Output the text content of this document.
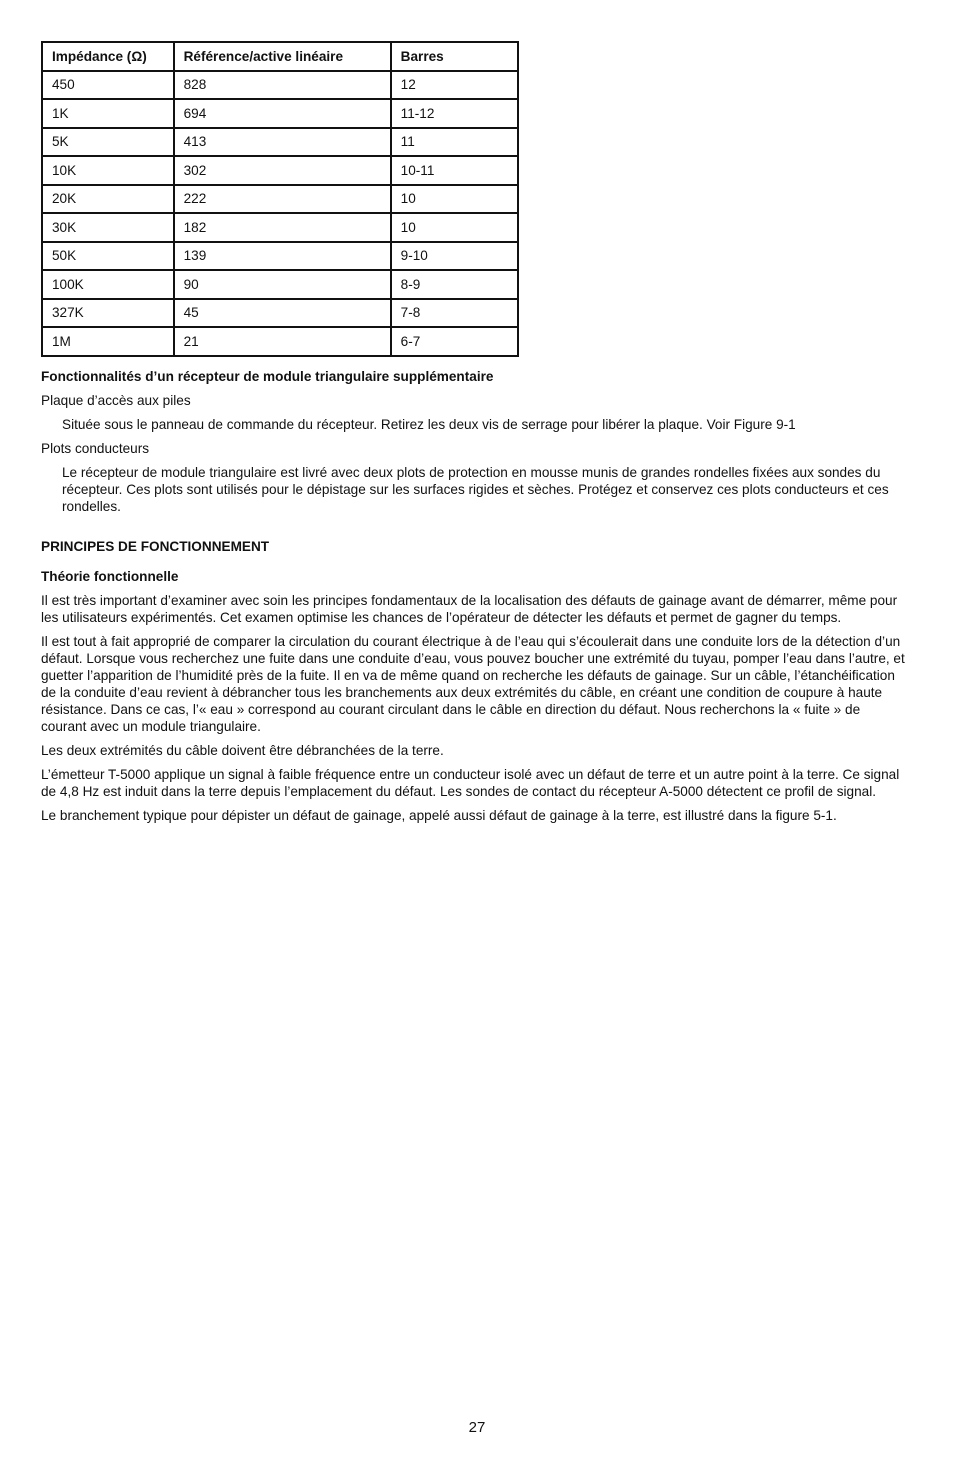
Impédance (Ω)	Référence/active linéaire	Barres
450	828	12
1K	694	11-12
5K	413	11
10K	302	10-11
20K	222	10
30K	182	10
50K	139	9-10
100K	90	8-9
327K	45	7-8
1M	21	6-7
Fonctionnalités d’un récepteur de module triangulaire supplémentaire

Plaque d’accès aux piles

Située sous le panneau de commande du récepteur. Retirez les deux vis de serrage pour libérer la plaque. Voir Figure 9-1

Plots conducteurs

Le récepteur de module triangulaire est livré avec deux plots de protection en mousse munis de grandes rondelles fixées aux sondes du récepteur. Ces plots sont utilisés pour le dépistage sur les surfaces rigides et sèches. Protégez et conservez ces plots conducteurs et ces rondelles.

PRINCIPES DE FONCTIONNEMENT
Théorie fonctionnelle

Il est très important d’examiner avec soin les principes fondamentaux de la localisation des défauts de gainage avant de démarrer, même pour les utilisateurs expérimentés. Cet examen optimise les chances de l’opérateur de détecter les défauts et permet de gagner du temps.

Il est tout à fait approprié de comparer la circulation du courant électrique à de l’eau qui s’écoulerait dans une conduite lors de la détection d’un défaut. Lorsque vous recherchez une fuite dans une conduite d’eau, vous pouvez boucher une extrémité du tuyau, pomper l’eau dans l’autre, et guetter l’apparition de l’humidité près de la fuite. Il en va de même quand on recherche les défauts de gainage. Sur un câble, l’étanchéification de la conduite d’eau revient à débrancher tous les branchements aux deux extrémités du câble, en créant une condition de coupure à haute résistance. Dans ce cas, l’« eau » correspond au courant circulant dans le câble en direction du défaut. Nous recherchons la « fuite » de courant avec un module triangulaire.

Les deux extrémités du câble doivent être débranchées de la terre.

L’émetteur T-5000 applique un signal à faible fréquence entre un conducteur isolé avec un défaut de terre et un autre point à la terre. Ce signal de 4,8 Hz est induit dans la terre depuis l’emplacement du défaut. Les sondes de contact du récepteur A-5000 détectent ce profil de signal.

Le branchement typique pour dépister un défaut de gainage, appelé aussi défaut de gainage à la terre, est illustré dans la figure 5-1.

27
